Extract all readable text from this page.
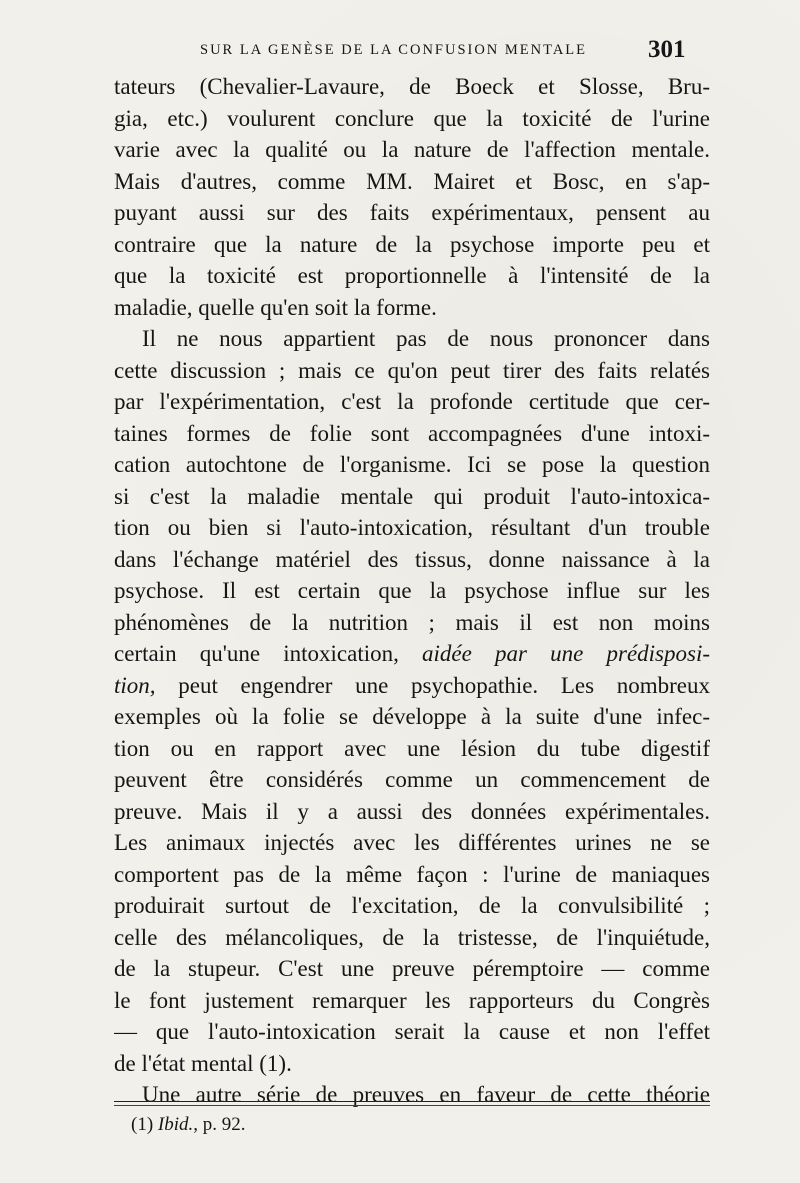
SUR LA GENÈSE DE LA CONFUSION MENTALE 301
tateurs (Chevalier-Lavaure, de Boeck et Slosse, Bru-
gia, etc.) voulurent conclure que la toxicité de l'urine
varie avec la qualité ou la nature de l'affection mentale.
Mais d'autres, comme MM. Mairet et Bosc, en s'ap-
puyant aussi sur des faits expérimentaux, pensent au
contraire que la nature de la psychose importe peu et
que la toxicité est proportionnelle à l'intensité de la
maladie, quelle qu'en soit la forme.
Il ne nous appartient pas de nous prononcer dans
cette discussion ; mais ce qu'on peut tirer des faits relatés
par l'expérimentation, c'est la profonde certitude que cer-
taines formes de folie sont accompagnées d'une intoxi-
cation autochtone de l'organisme. Ici se pose la question
si c'est la maladie mentale qui produit l'auto-intoxica-
tion ou bien si l'auto-intoxication, résultant d'un trouble
dans l'échange matériel des tissus, donne naissance à la
psychose. Il est certain que la psychose influe sur les
phénomènes de la nutrition ; mais il est non moins
certain qu'une intoxication, aidée par une prédisposi-
tion, peut engendrer une psychopathie. Les nombreux
exemples où la folie se développe à la suite d'une infec-
tion ou en rapport avec une lésion du tube digestif
peuvent être considérés comme un commencement de
preuve. Mais il y a aussi des données expérimentales.
Les animaux injectés avec les différentes urines ne se
comportent pas de la même façon : l'urine de maniaques
produirait surtout de l'excitation, de la convulsibilité ;
celle des mélancoliques, de la tristesse, de l'inquiétude,
de la stupeur. C'est une preuve péremptoire — comme
le font justement remarquer les rapporteurs du Congrès
— que l'auto-intoxication serait la cause et non l'effet
de l'état mental (1).
Une autre série de preuves en faveur de cette théorie
(1) Ibid., p. 92.
